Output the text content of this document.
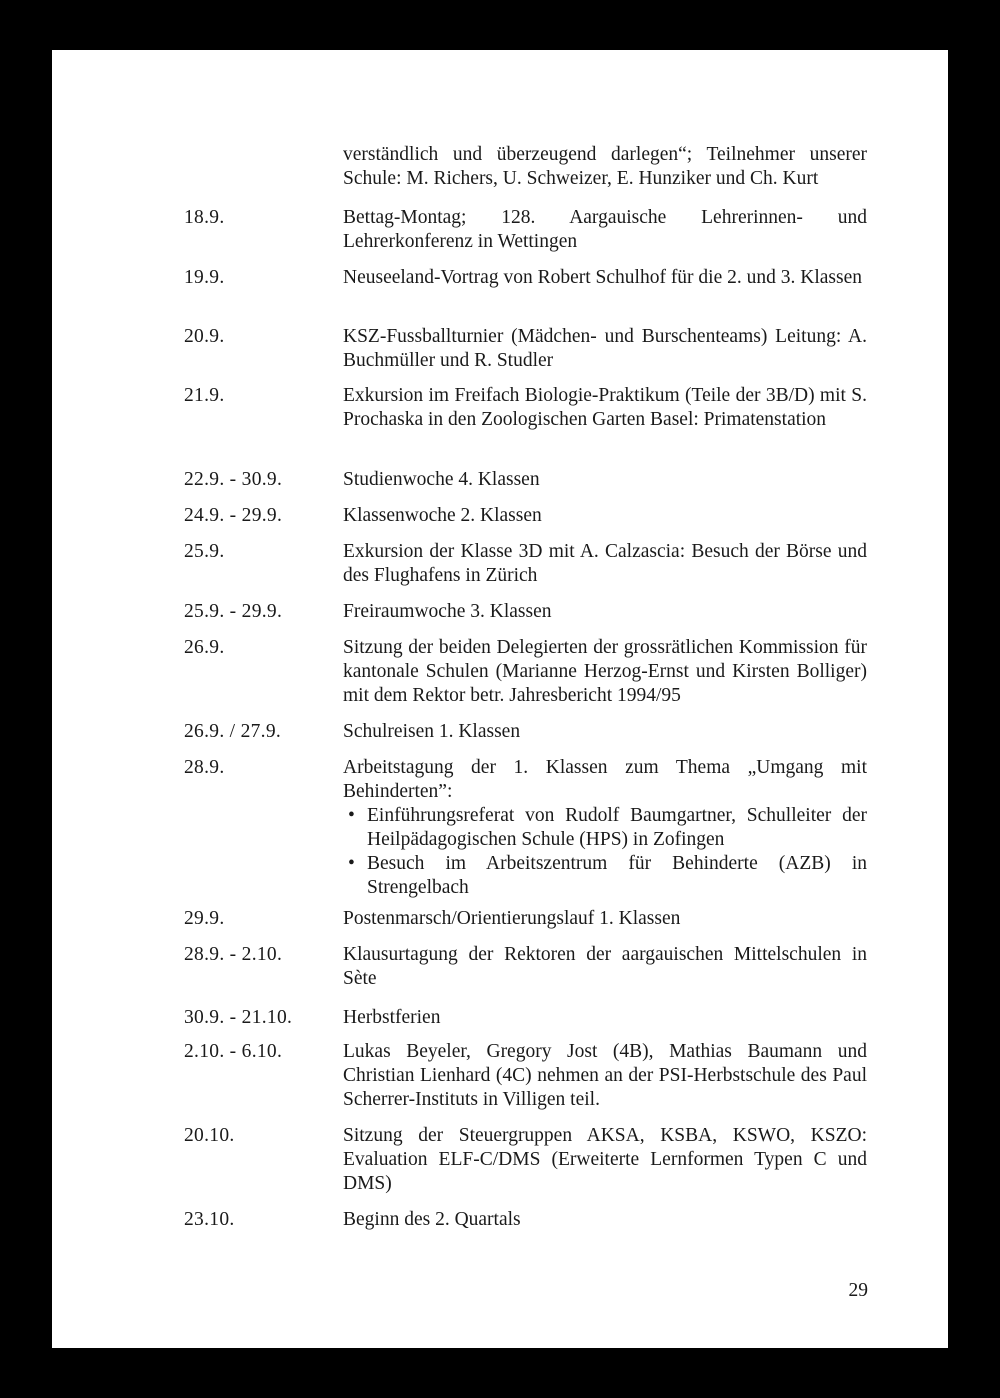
verständlich und überzeugend darlegen“; Teilnehmer unserer Schule: M. Richers, U. Schweizer, E. Hunziker und Ch. Kurt
18.9.	Bettag-Montag; 128. Aargauische Lehrerinnen- und Lehrerkonferenz in Wettingen
19.9.	Neuseeland-Vortrag von Robert Schulhof für die 2. und 3. Klassen
20.9.	KSZ-Fussballturnier (Mädchen- und Burschenteams) Leitung: A. Buchmüller und R. Studler
21.9.	Exkursion im Freifach Biologie-Praktikum (Teile der 3B/D) mit S. Prochaska in den Zoologischen Garten Basel: Primatenstation
22.9. - 30.9.	Studienwoche 4. Klassen
24.9. - 29.9.	Klassenwoche 2. Klassen
25.9.	Exkursion der Klasse 3D mit A. Calzascia: Besuch der Börse und des Flughafens in Zürich
25.9. - 29.9.	Freiraumwoche 3. Klassen
26.9.	Sitzung der beiden Delegierten der grossrätlichen Kommission für kantonale Schulen (Marianne Herzog-Ernst und Kirsten Bolliger) mit dem Rektor betr. Jahresbericht 1994/95
26.9. / 27.9.	Schulreisen 1. Klassen
28.9.	Arbeitstagung der 1. Klassen zum Thema „Umgang mit Behinderten”:

• Einführungsreferat von Rudolf Baumgartner, Schulleiter der Heilpädagogischen Schule (HPS) in Zofingen
• Besuch im Arbeitszentrum für Behinderte (AZB) in Strengelbach
29.9.	Postenmarsch/Orientierungslauf 1. Klassen
28.9. - 2.10.	Klausurtagung der Rektoren der aargauischen Mittelschulen in Sète
30.9. - 21.10.	Herbstferien
2.10. - 6.10.	Lukas Beyeler, Gregory Jost (4B), Mathias Baumann und Christian Lienhard (4C) nehmen an der PSI-Herbstschule des Paul Scherrer-Instituts in Villigen teil.
20.10.	Sitzung der Steuergruppen AKSA, KSBA, KSWO, KSZO: Evaluation ELF-C/DMS (Erweiterte Lernformen Typen C und DMS)
23.10.	Beginn des 2. Quartals
29
